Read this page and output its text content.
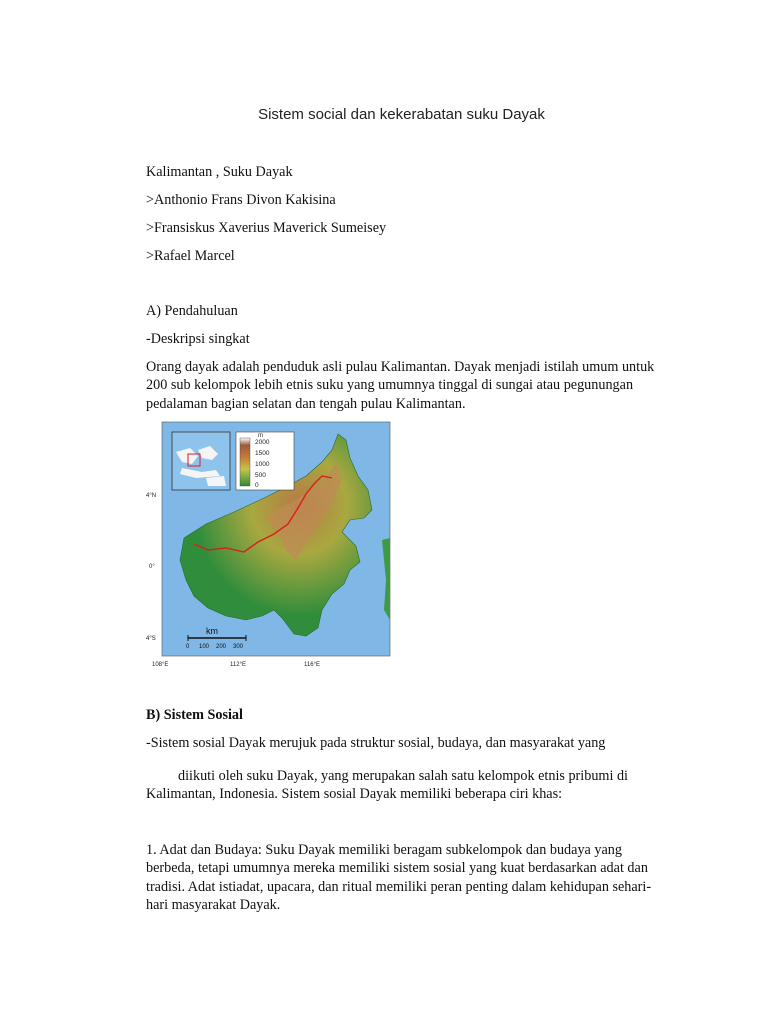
Sistem social dan kekerabatan suku Dayak
Kalimantan , Suku Dayak
>Anthonio Frans Divon Kakisina
>Fransiskus Xaverius Maverick Sumeisey
>Rafael Marcel
A) Pendahuluan
-Deskripsi singkat
Orang dayak adalah penduduk asli pulau Kalimantan. Dayak menjadi istilah umum untuk 200 sub kelompok lebih etnis suku yang umumnya tinggal di sungai atau pegunungan pedalaman bagian selatan dan tengah pulau Kalimantan.
m
2000
1500
1000
500
0
km
0 100 200 300
4°N
0°
4°S
108°E	112°E	116°E
B) Sistem Sosial
-Sistem sosial Dayak merujuk pada struktur sosial, budaya, dan masyarakat yang
diikuti oleh suku Dayak, yang merupakan salah satu kelompok etnis pribumi di Kalimantan, Indonesia. Sistem sosial Dayak memiliki beberapa ciri khas:
1. Adat dan Budaya: Suku Dayak memiliki beragam subkelompok dan budaya yang berbeda, tetapi umumnya mereka memiliki sistem sosial yang kuat berdasarkan adat dan tradisi. Adat istiadat, upacara, dan ritual memiliki peran penting dalam kehidupan sehari-hari masyarakat Dayak.
